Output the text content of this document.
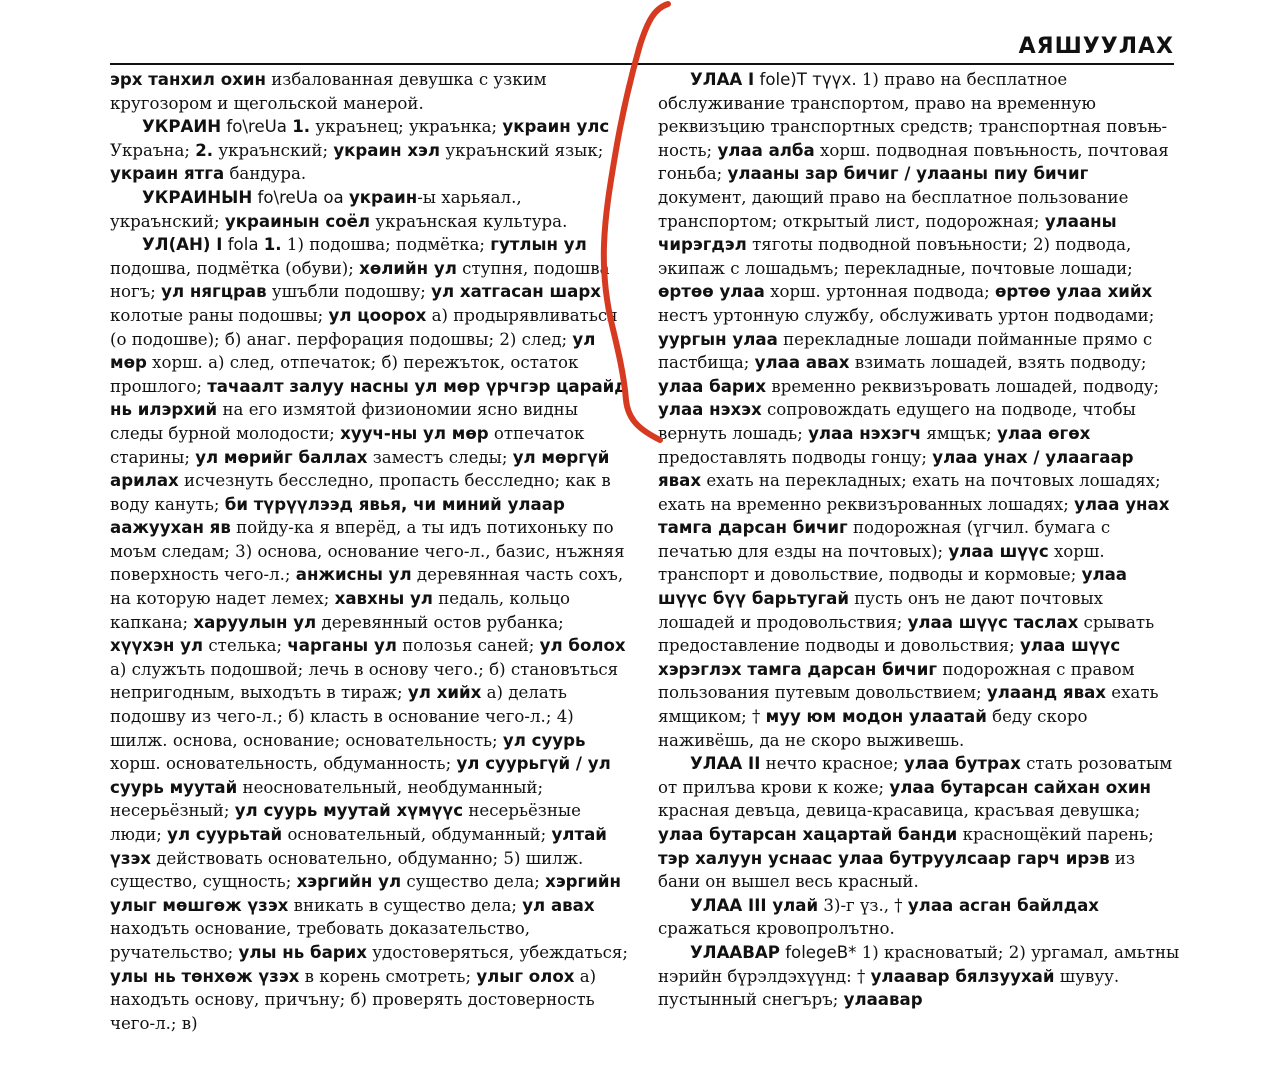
АЯШУУЛАХ

эрх танхил охин избалованная девушка с узким кругозором и щегольской манерой.

УКРАИН fo\reUa 1. украънец; украънка; украин улс Украъна; 2. украънский; украин хэл украънский язык; украин ятга бандура.

УКРАИНЫН fo\reUa оа украин-ы харьяал., украънский; украинын соёл украънская культура.

УЛ(АН) I fola 1. 1) подошва; подмётка; гутлын ул подошва, подмётка (обуви); хөлийн ул ступня, подошва ногъ; ул нягцрав ушъбли подошву; ул хатгасан шарх колотые раны подошвы; ул цоорох а) продырявливаться (о подошве); б) анаг. перфорация подошвы; 2) след; ул мөр хорш. а) след, отпечаток; б) пережъток, остаток прошлого; тачаалт залуу насны ул мөр үрчгэр царайд нь илэрхий на его измятой физиономии ясно видны следы бурной молодости; хууч-ны ул мөр отпечаток старины; ул мөрийг баллах заместъ следы; ул мөргүй арилах исчезнуть бесследно, пропасть бесследно; как в воду кануть; би түрүүлээд явья, чи миний улаар аажуухан яв пойду-ка я вперёд, а ты идъ потихоньку по моъм следам; 3) основа, основание чего-л., базис, нъжняя поверхность чего-л.; анжисны ул деревянная часть сохъ, на которую надет лемех; хавхны ул педаль, кольцо капкана; харуулын ул деревянный остов рубанка; хүүхэн ул стелька; чарганы ул полозья саней; ул болох а) служъть подошвой; лечь в основу чего.; б) становъться непригодным, выходъть в тираж; ул хийх а) делать подошву из чего-л.; б) класть в основание чего-л.; 4) шилж. основа, основание; основательность; ул суурь хорш. основательность, обдуманность; ул суурьгүй / ул суурь муутай неосновательный, необдуманный; несерьёзный; ул суурь муутай хүмүүс несерьёзные люди; ул суурьтай основательный, обдуманный; ултай үзэх действовать основательно, обдуманно; 5) шилж. существо, сущность; хэргийн ул существо дела; хэргийн улыг мөшгөж үзэх вникать в существо дела; ул авах находъть основание, требовать доказательство, ручательство; улы нь барих удостоверяться, убеждаться; улы нь төнхөж үзэх в корень смотреть; улыг олох а) находъть основу, причъну; б) проверять достоверность чего-л.; в)

УЛАА I fole)Т түүх. 1) право на бесплатное обслуживание транспортом, право на временную реквизъцию транспортных средств; транспортная повъњ-ность; улаа алба хорш. подводная повъњность, почтовая гоньба; улааны зар бичиг / улааны пиу бичиг документ, дающий право на бесплатное пользование транспортом; открытый лист, подорожная; улааны чирэгдэл тяготы подводной повъњности; 2) подвода, экипаж с лошадьмъ; перекладные, почтовые лошади; өртөө улаа хорш. уртонная подвода; өртөө улаа хийх нестъ уртонную службу, обслуживать уртон подводами; уургын улаа перекладные лошади пойманные прямо с пастбища; улаа авах взимать лошадей, взять подводу; улаа барих временно реквизъровать лошадей, подводу; улаа нэхэх сопровождать едущего на подводе, чтобы вернуть лошадь; улаа нэхэгч ямщък; улаа өгөх предоставлять подводы гонцу; улаа унах / улаагаар явах ехать на перекладных; ехать на почтовых лошадях; ехать на временно реквизърованных лошадях; улаа унах тамга дарсан бичиг подорожная (үгчил. бумага с печатью для езды на почтовых); улаа шүүс хорш. транспорт и довольствие, подводы и кормовые; улаа шүүс бүү барьтугай пусть онъ не дают почтовых лошадей и продовольствия; улаа шүүс таслах срывать предоставление подводы и довольствия; улаа шүүс хэрэглэх тамга дарсан бичиг подорожная с правом пользования путевым довольствием; улаанд явах ехать ямщиком; † муу юм модон улаатай беду скоро наживёшь, да не скоро выживешь.

УЛАА II нечто красное; улаа бутрах стать розоватым от прилъва крови к коже; улаа бутарсан сайхан охин красная девъца, девица-красавица, красъвая девушка; улаа бутарсан хацартай банди краснощёкий парень; тэр халуун уснаас улаа бутруулсаар гарч ирэв из бани он вышел весь красный.

УЛАА III улай 3)-г үз., † улаа асган байлдах сражаться кровопролътно.

УЛААВАР folegeB* 1) красноватый; 2) ургамал, амьтны нэрийн бүрэлдэхүүнд: † улаавар бялзуухай шувуу. пустынный снегъръ; улаавар
